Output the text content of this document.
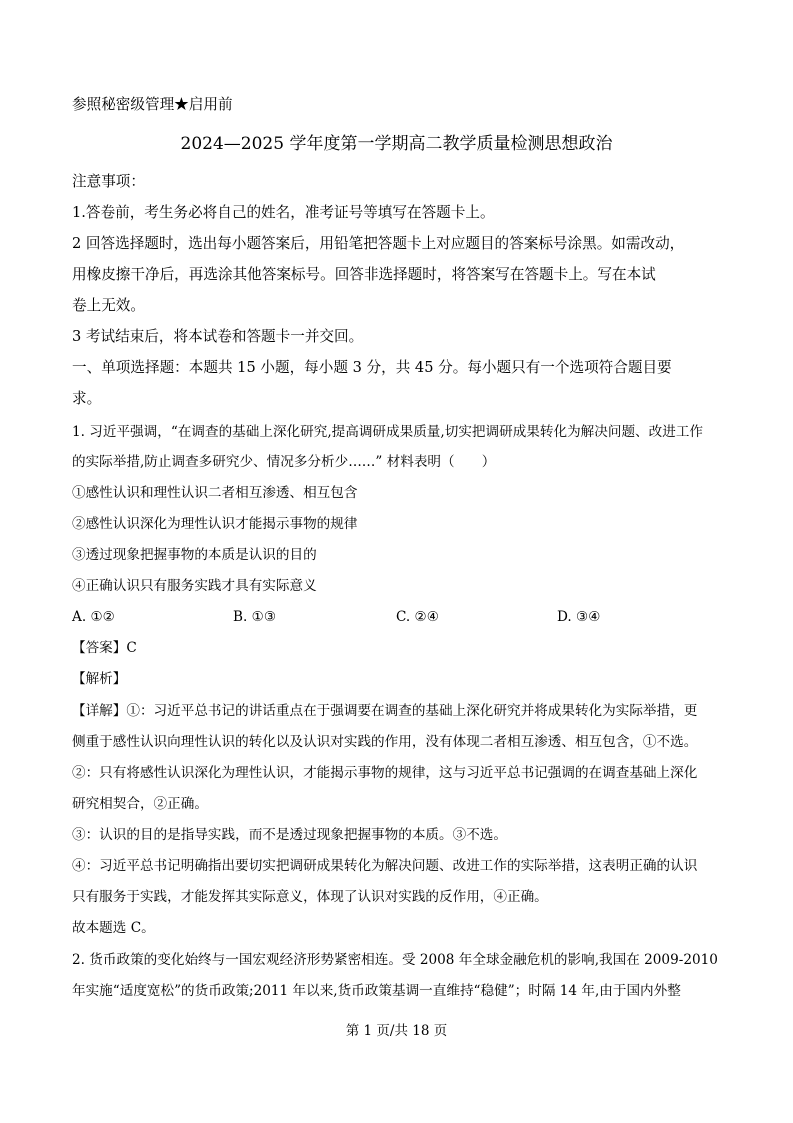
参照秘密级管理★启用前
2024—2025 学年度第一学期高二教学质量检测思想政治
注意事项：
1.答卷前，考生务必将自己的姓名，准考证号等填写在答题卡上。
2 回答选择题时，选出每小题答案后，用铅笔把答题卡上对应题目的答案标号涂黑。如需改动，
用橡皮擦干净后，再选涂其他答案标号。回答非选择题时，将答案写在答题卡上。写在本试
卷上无效。
3 考试结束后，将本试卷和答题卡一并交回。
一、单项选择题：本题共 15 小题，每小题 3 分，共 45 分。每小题只有一个选项符合题目要
求。
1. 习近平强调，“在调查的基础上深化研究,提高调研成果质量,切实把调研成果转化为解决问题、改进工作
的实际举措,防止调查多研究少、情况多分析少……” 材料表明（　　）
①感性认识和理性认识二者相互渗透、相互包含
②感性认识深化为理性认识才能揭示事物的规律
③透过现象把握事物的本质是认识的目的
④正确认识只有服务实践才具有实际意义
A. ①②	B. ①③	C. ②④	D. ③④
【答案】C
【解析】
【详解】①：习近平总书记的讲话重点在于强调要在调查的基础上深化研究并将成果转化为实际举措，更
侧重于感性认识向理性认识的转化以及认识对实践的作用，没有体现二者相互渗透、相互包含，①不选。
②：只有将感性认识深化为理性认识，才能揭示事物的规律，这与习近平总书记强调的在调查基础上深化
研究相契合，②正确。
③：认识的目的是指导实践，而不是透过现象把握事物的本质。③不选。
④：习近平总书记明确指出要切实把调研成果转化为解决问题、改进工作的实际举措，这表明正确的认识
只有服务于实践，才能发挥其实际意义，体现了认识对实践的反作用，④正确。
故本题选 C。
2. 货币政策的变化始终与一国宏观经济形势紧密相连。受 2008 年全球金融危机的影响,我国在 2009-2010
年实施“适度宽松”的货币政策;2011 年以来,货币政策基调一直维持“稳健”；时隔 14 年,由于国内外整
第 1 页/共 18 页
